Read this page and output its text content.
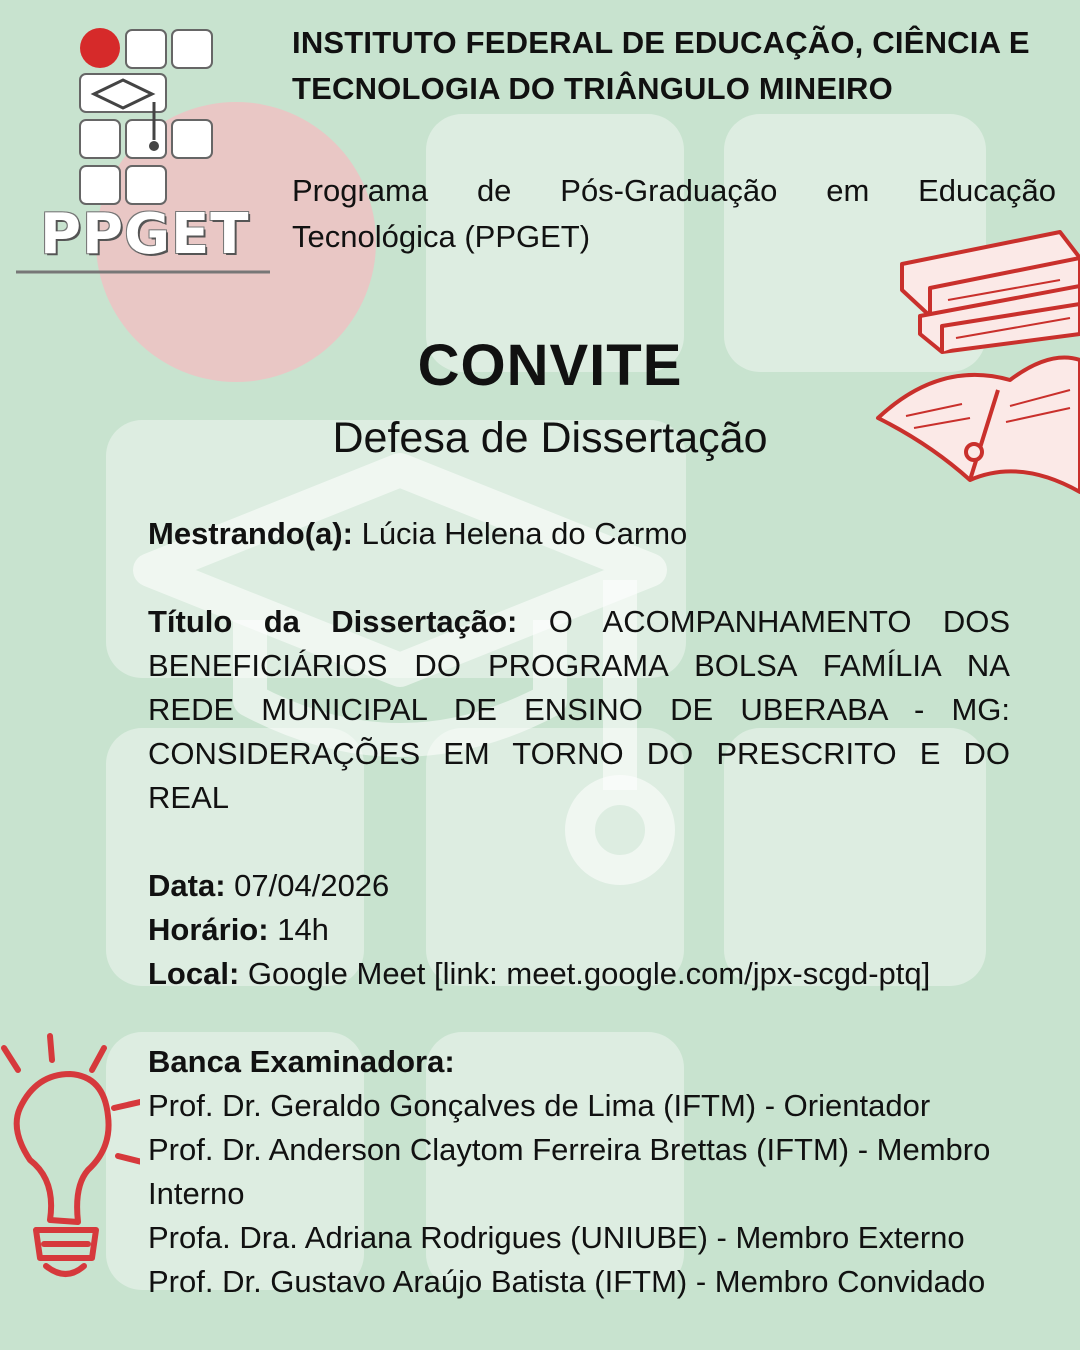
PPGET

INSTITUTO FEDERAL DE EDUCAÇÃO, CIÊNCIA E TECNOLOGIA DO TRIÂNGULO MINEIRO

Programa de Pós-Graduação em Educação Tecnológica (PPGET)

CONVITE
Defesa de Dissertação

Mestrando(a): Lúcia Helena do Carmo

Título da Dissertação: O ACOMPANHAMENTO DOS BENEFICIÁRIOS DO PROGRAMA BOLSA FAMÍLIA NA REDE MUNICIPAL DE ENSINO DE UBERABA - MG: CONSIDERAÇÕES EM TORNO DO PRESCRITO E DO REAL

Data: 07/04/2026

Horário: 14h

Local: Google Meet [link: meet.google.com/jpx-scgd-ptq]

Banca Examinadora:

Prof. Dr. Geraldo Gonçalves de Lima (IFTM) - Orientador

Prof. Dr. Anderson Claytom Ferreira Brettas (IFTM) - Membro Interno

Profa. Dra. Adriana Rodrigues (UNIUBE) - Membro Externo

Prof. Dr. Gustavo Araújo Batista (IFTM) - Membro Convidado
